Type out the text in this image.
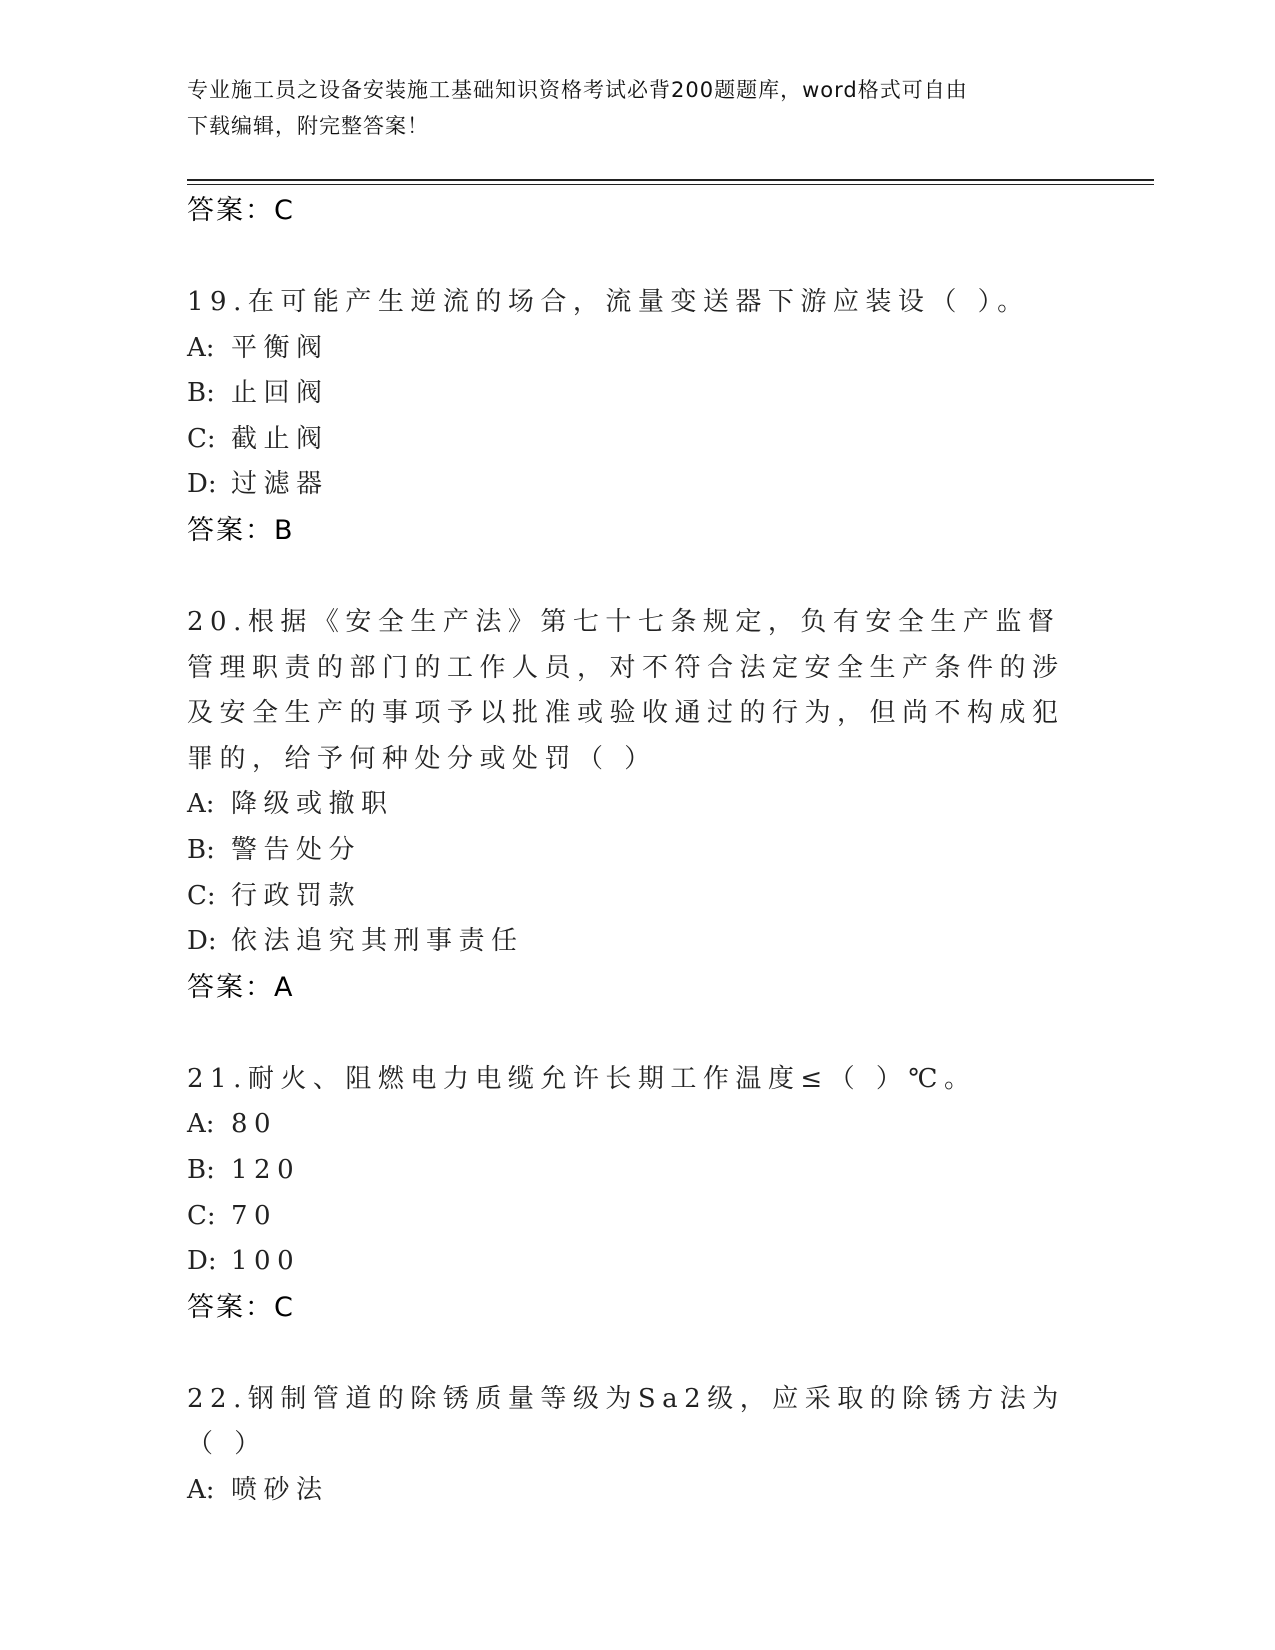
专业施工员之设备安装施工基础知识资格考试必背200题题库，word格式可自由
下载编辑，附完整答案！
答案：C
19.在可能产生逆流的场合，流量变送器下游应装设（ ）。
A: 平衡阀
B: 止回阀
C: 截止阀
D: 过滤器
答案：B
20.根据《安全生产法》第七十七条规定，负有安全生产监督管理职责的部门的工作人员，对不符合法定安全生产条件的涉及安全生产的事项予以批准或验收通过的行为，但尚不构成犯罪的，给予何种处分或处罚（ ）
A: 降级或撤职
B: 警告处分
C: 行政罚款
D: 依法追究其刑事责任
答案：A
21.耐火、阻燃电力电缆允许长期工作温度≤（ ）℃。
A: 80
B: 120
C: 70
D: 100
答案：C
22.钢制管道的除锈质量等级为Sa2级，应采取的除锈方法为（ ）
A: 喷砂法
